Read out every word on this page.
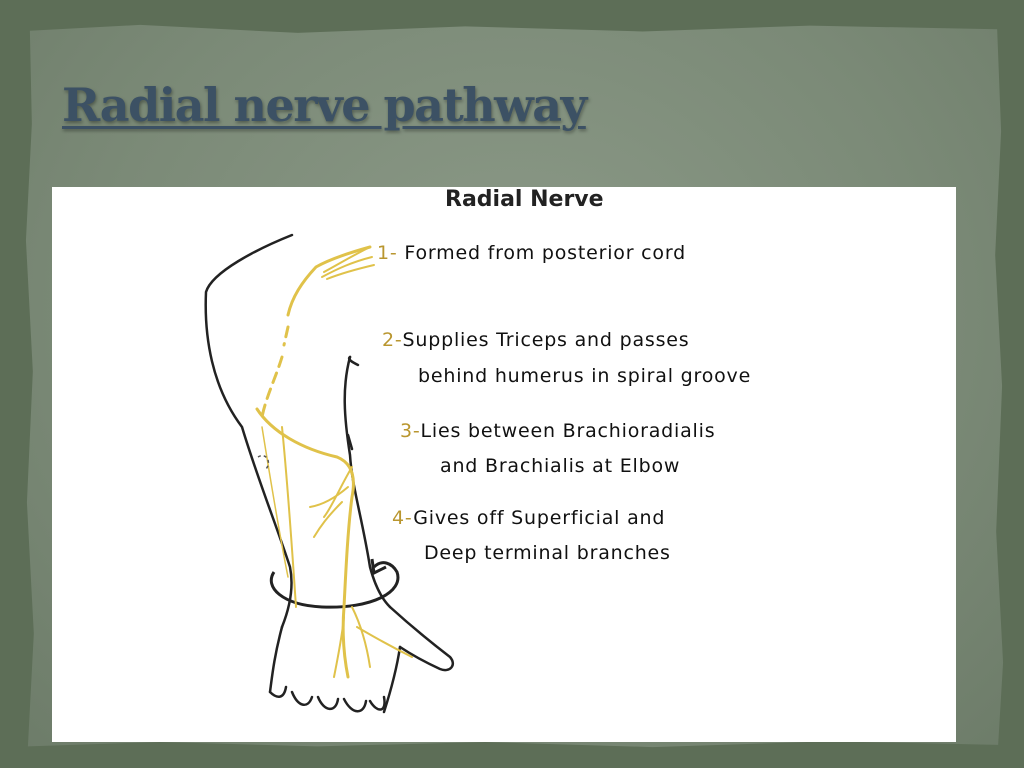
Radial nerve pathway
Radial Nerve
1- Formed from posterior cord
2-Supplies Triceps and passes
behind humerus in spiral groove
3-Lies between Brachioradialis
and Brachialis at Elbow
4-Gives off Superficial and
Deep terminal branches
